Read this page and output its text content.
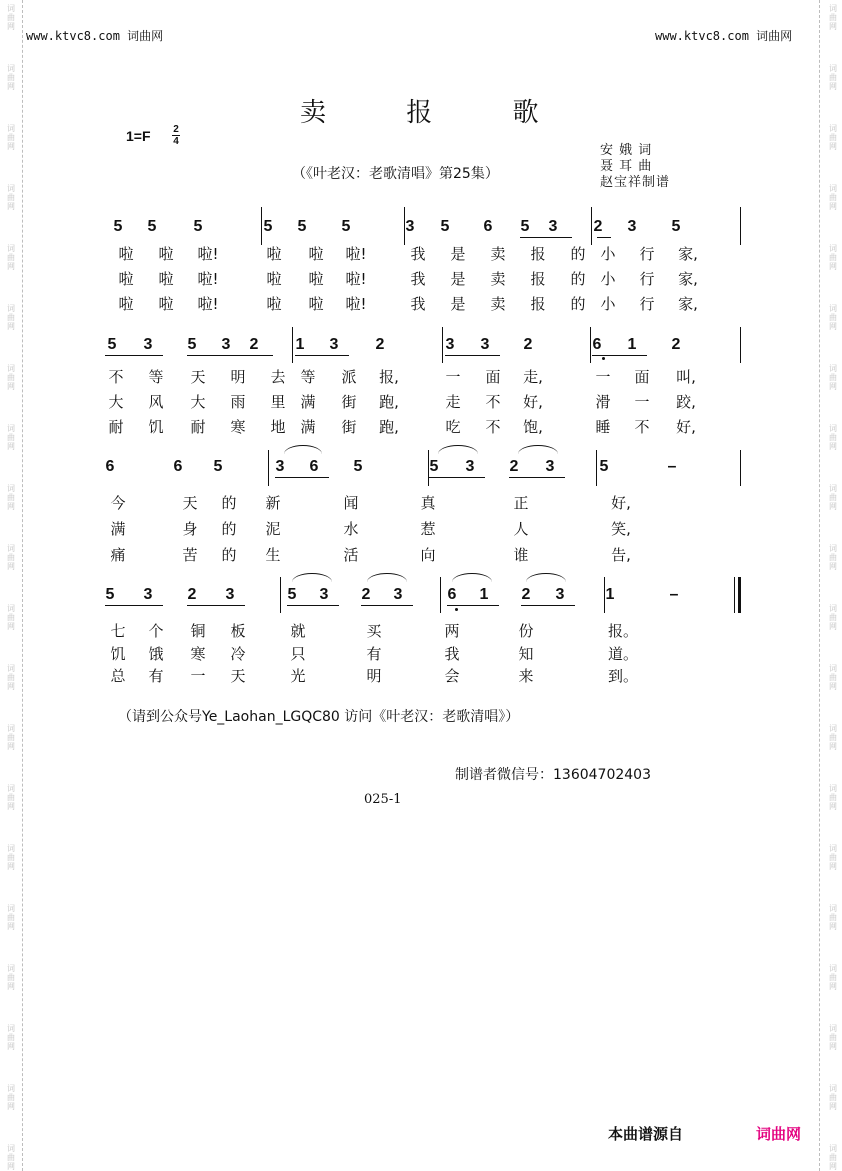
www.ktvc8.com 词曲网	www.ktvc8.com 词曲网
卖 报 歌
1=F	2
4
（《叶老汉：老歌清唱》第25集）
安 娥 词
聂 耳 曲
赵宝祥制谱
5 5 5	5 5 5	3 5 6 5 3 2 3 5
啦	啦	啦!	啦	啦	啦!	我	是	卖	报	的 小	行	家,
啦	啦	啦!	啦	啦	啦!	我	是	卖	报	的 小	行	家,
啦	啦	啦!	啦	啦	啦!	我	是	卖	报	的 小	行	家,
5 3 5 3 2 1 3 2	3 3 2	6 1 2
不	等	天	明	去 等	派	报,	一	面	走,	一	面	叫,
大	风	大	雨	里 满	街	跑,	走	不	好,	滑	一	跤,
耐	饥	耐	寒	地 满	街	跑,	吃	不	饱,	睡	不	好,
6	6 5	3 6 5	5 3 2 3	5	–
今	天	的	新	闻	真	正	好,
满	身	的	泥	水	惹	人	笑,
痛	苦	的	生	活	向	谁	告,
5 3 2 3	5 3 2 3	6 1 2 3	1	–
七	个	铜	板	就	买	两	份	报。
饥	饿	寒	冷	只	有	我	知	道。
总	有	一	天	光	明	会	来	到。
（请到公众号Ye_Laohan_LGQC80 访问《叶老汉：老歌清唱》）
制谱者微信号：13604702403
025-1
本曲谱源自	词曲网
词曲网
词曲网
词曲网
词曲网
词曲网
词曲网
词曲网
词曲网
词曲网
词曲网
词曲网
词曲网
词曲网
词曲网
词曲网
词曲网
词曲网
词曲网
词曲网
词曲网
词曲网
词曲网
词曲网
词曲网
词曲网
词曲网
词曲网
词曲网
词曲网
词曲网
词曲网
词曲网
词曲网
词曲网
词曲网
词曲网
词曲网
词曲网
词曲网
词曲网
